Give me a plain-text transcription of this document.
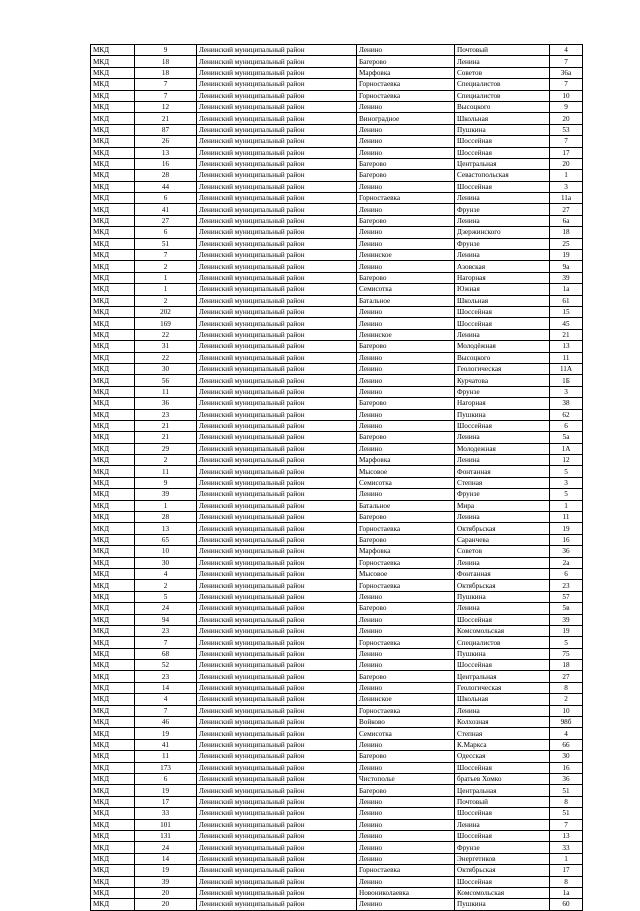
МКД	9	Ленинский муниципальный район	Ленино	Почтовый	4
МКД	18	Ленинский муниципальный район	Багерово	Ленина	7
МКД	18	Ленинский муниципальный район	Марфовка	Советов	36а
МКД	7	Ленинский муниципальный район	Горностаевка	Специалистов	7
МКД	7	Ленинский муниципальный район	Горностаевка	Специалистов	10
МКД	12	Ленинский муниципальный район	Ленино	Высоцкого	9
МКД	21	Ленинский муниципальный район	Виноградное	Школьная	20
МКД	87	Ленинский муниципальный район	Ленино	Пушкина	53
МКД	26	Ленинский муниципальный район	Ленино	Шоссейная	7
МКД	13	Ленинский муниципальный район	Ленино	Шоссейная	17
МКД	16	Ленинский муниципальный район	Багерово	Центральная	20
МКД	28	Ленинский муниципальный район	Багерово	Севастопольская	1
МКД	44	Ленинский муниципальный район	Ленино	Шоссейная	3
МКД	6	Ленинский муниципальный район	Горностаевка	Ленина	11а
МКД	41	Ленинский муниципальный район	Ленино	Фрунзе	27
МКД	27	Ленинский муниципальный район	Багерово	Ленина	6а
МКД	6	Ленинский муниципальный район	Ленино	Дзержинского	18
МКД	51	Ленинский муниципальный район	Ленино	Фрунзе	25
МКД	7	Ленинский муниципальный район	Ленинское	Ленина	19
МКД	2	Ленинский муниципальный район	Ленино	Азовская	9а
МКД	1	Ленинский муниципальный район	Багерово	Нагорная	39
МКД	1	Ленинский муниципальный район	Семисотка	Южная	1а
МКД	2	Ленинский муниципальный район	Батальное	Школьная	61
МКД	202	Ленинский муниципальный район	Ленино	Шоссейная	15
МКД	169	Ленинский муниципальный район	Ленино	Шоссейная	45
МКД	22	Ленинский муниципальный район	Ленинское	Ленина	21
МКД	31	Ленинский муниципальный район	Багерово	Молодёжная	13
МКД	22	Ленинский муниципальный район	Ленино	Высоцкого	11
МКД	30	Ленинский муниципальный район	Ленино	Геологическая	11А
МКД	56	Ленинский муниципальный район	Ленино	Курчатова	1Б
МКД	11	Ленинский муниципальный район	Ленино	Фрунзе	3
МКД	36	Ленинский муниципальный район	Багерово	Нагорная	38
МКД	23	Ленинский муниципальный район	Ленино	Пушкина	62
МКД	21	Ленинский муниципальный район	Ленино	Шоссейная	6
МКД	21	Ленинский муниципальный район	Багерово	Ленина	5а
МКД	29	Ленинский муниципальный район	Ленино	Молодежная	1А
МКД	2	Ленинский муниципальный район	Марфовка	Ленина	12
МКД	11	Ленинский муниципальный район	Мысовое	Фонтанная	5
МКД	9	Ленинский муниципальный район	Семисотка	Степная	3
МКД	39	Ленинский муниципальный район	Ленино	Фрунзе	5
МКД	1	Ленинский муниципальный район	Батальное	Мира	1
МКД	28	Ленинский муниципальный район	Багерово	Ленина	11
МКД	13	Ленинский муниципальный район	Горностаевка	Октябрьская	19
МКД	65	Ленинский муниципальный район	Багерово	Саранчева	16
МКД	10	Ленинский муниципальный район	Марфовка	Советов	36
МКД	30	Ленинский муниципальный район	Горностаевка	Ленина	2а
МКД	4	Ленинский муниципальный район	Мысовое	Фонтанная	6
МКД	2	Ленинский муниципальный район	Горностаевка	Октябрьская	23
МКД	5	Ленинский муниципальный район	Ленино	Пушкина	57
МКД	24	Ленинский муниципальный район	Багерово	Ленина	5в
МКД	94	Ленинский муниципальный район	Ленино	Шоссейная	39
МКД	23	Ленинский муниципальный район	Ленино	Комсомольская	19
МКД	7	Ленинский муниципальный район	Горностаевка	Специалистов	5
МКД	68	Ленинский муниципальный район	Ленино	Пушкина	75
МКД	52	Ленинский муниципальный район	Ленино	Шоссейная	18
МКД	23	Ленинский муниципальный район	Багерово	Центральная	27
МКД	14	Ленинский муниципальный район	Ленино	Геологическая	8
МКД	4	Ленинский муниципальный район	Ленинское	Школьная	2
МКД	7	Ленинский муниципальный район	Горностаевка	Ленина	10
МКД	46	Ленинский муниципальный район	Войково	Колхозная	98б
МКД	19	Ленинский муниципальный район	Семисотка	Степная	4
МКД	41	Ленинский муниципальный район	Ленино	К.Маркса	66
МКД	11	Ленинский муниципальный район	Багерово	Одесская	30
МКД	173	Ленинский муниципальный район	Ленино	Шоссейная	16
МКД	6	Ленинский муниципальный район	Чистополье	братьев Хомко	36
МКД	19	Ленинский муниципальный район	Багерово	Центральная	51
МКД	17	Ленинский муниципальный район	Ленино	Почтовый	8
МКД	33	Ленинский муниципальный район	Ленино	Шоссейная	51
МКД	101	Ленинский муниципальный район	Ленино	Ленина	7
МКД	131	Ленинский муниципальный район	Ленино	Шоссейная	13
МКД	24	Ленинский муниципальный район	Ленино	Фрунзе	33
МКД	14	Ленинский муниципальный район	Ленино	Энергетиков	1
МКД	19	Ленинский муниципальный район	Горностаевка	Октябрьская	17
МКД	39	Ленинский муниципальный район	Ленино	Шоссейная	8
МКД	20	Ленинский муниципальный район	Новониколаевка	Комсомольская	1а
МКД	20	Ленинский муниципальный район	Ленино	Пушкина	60
